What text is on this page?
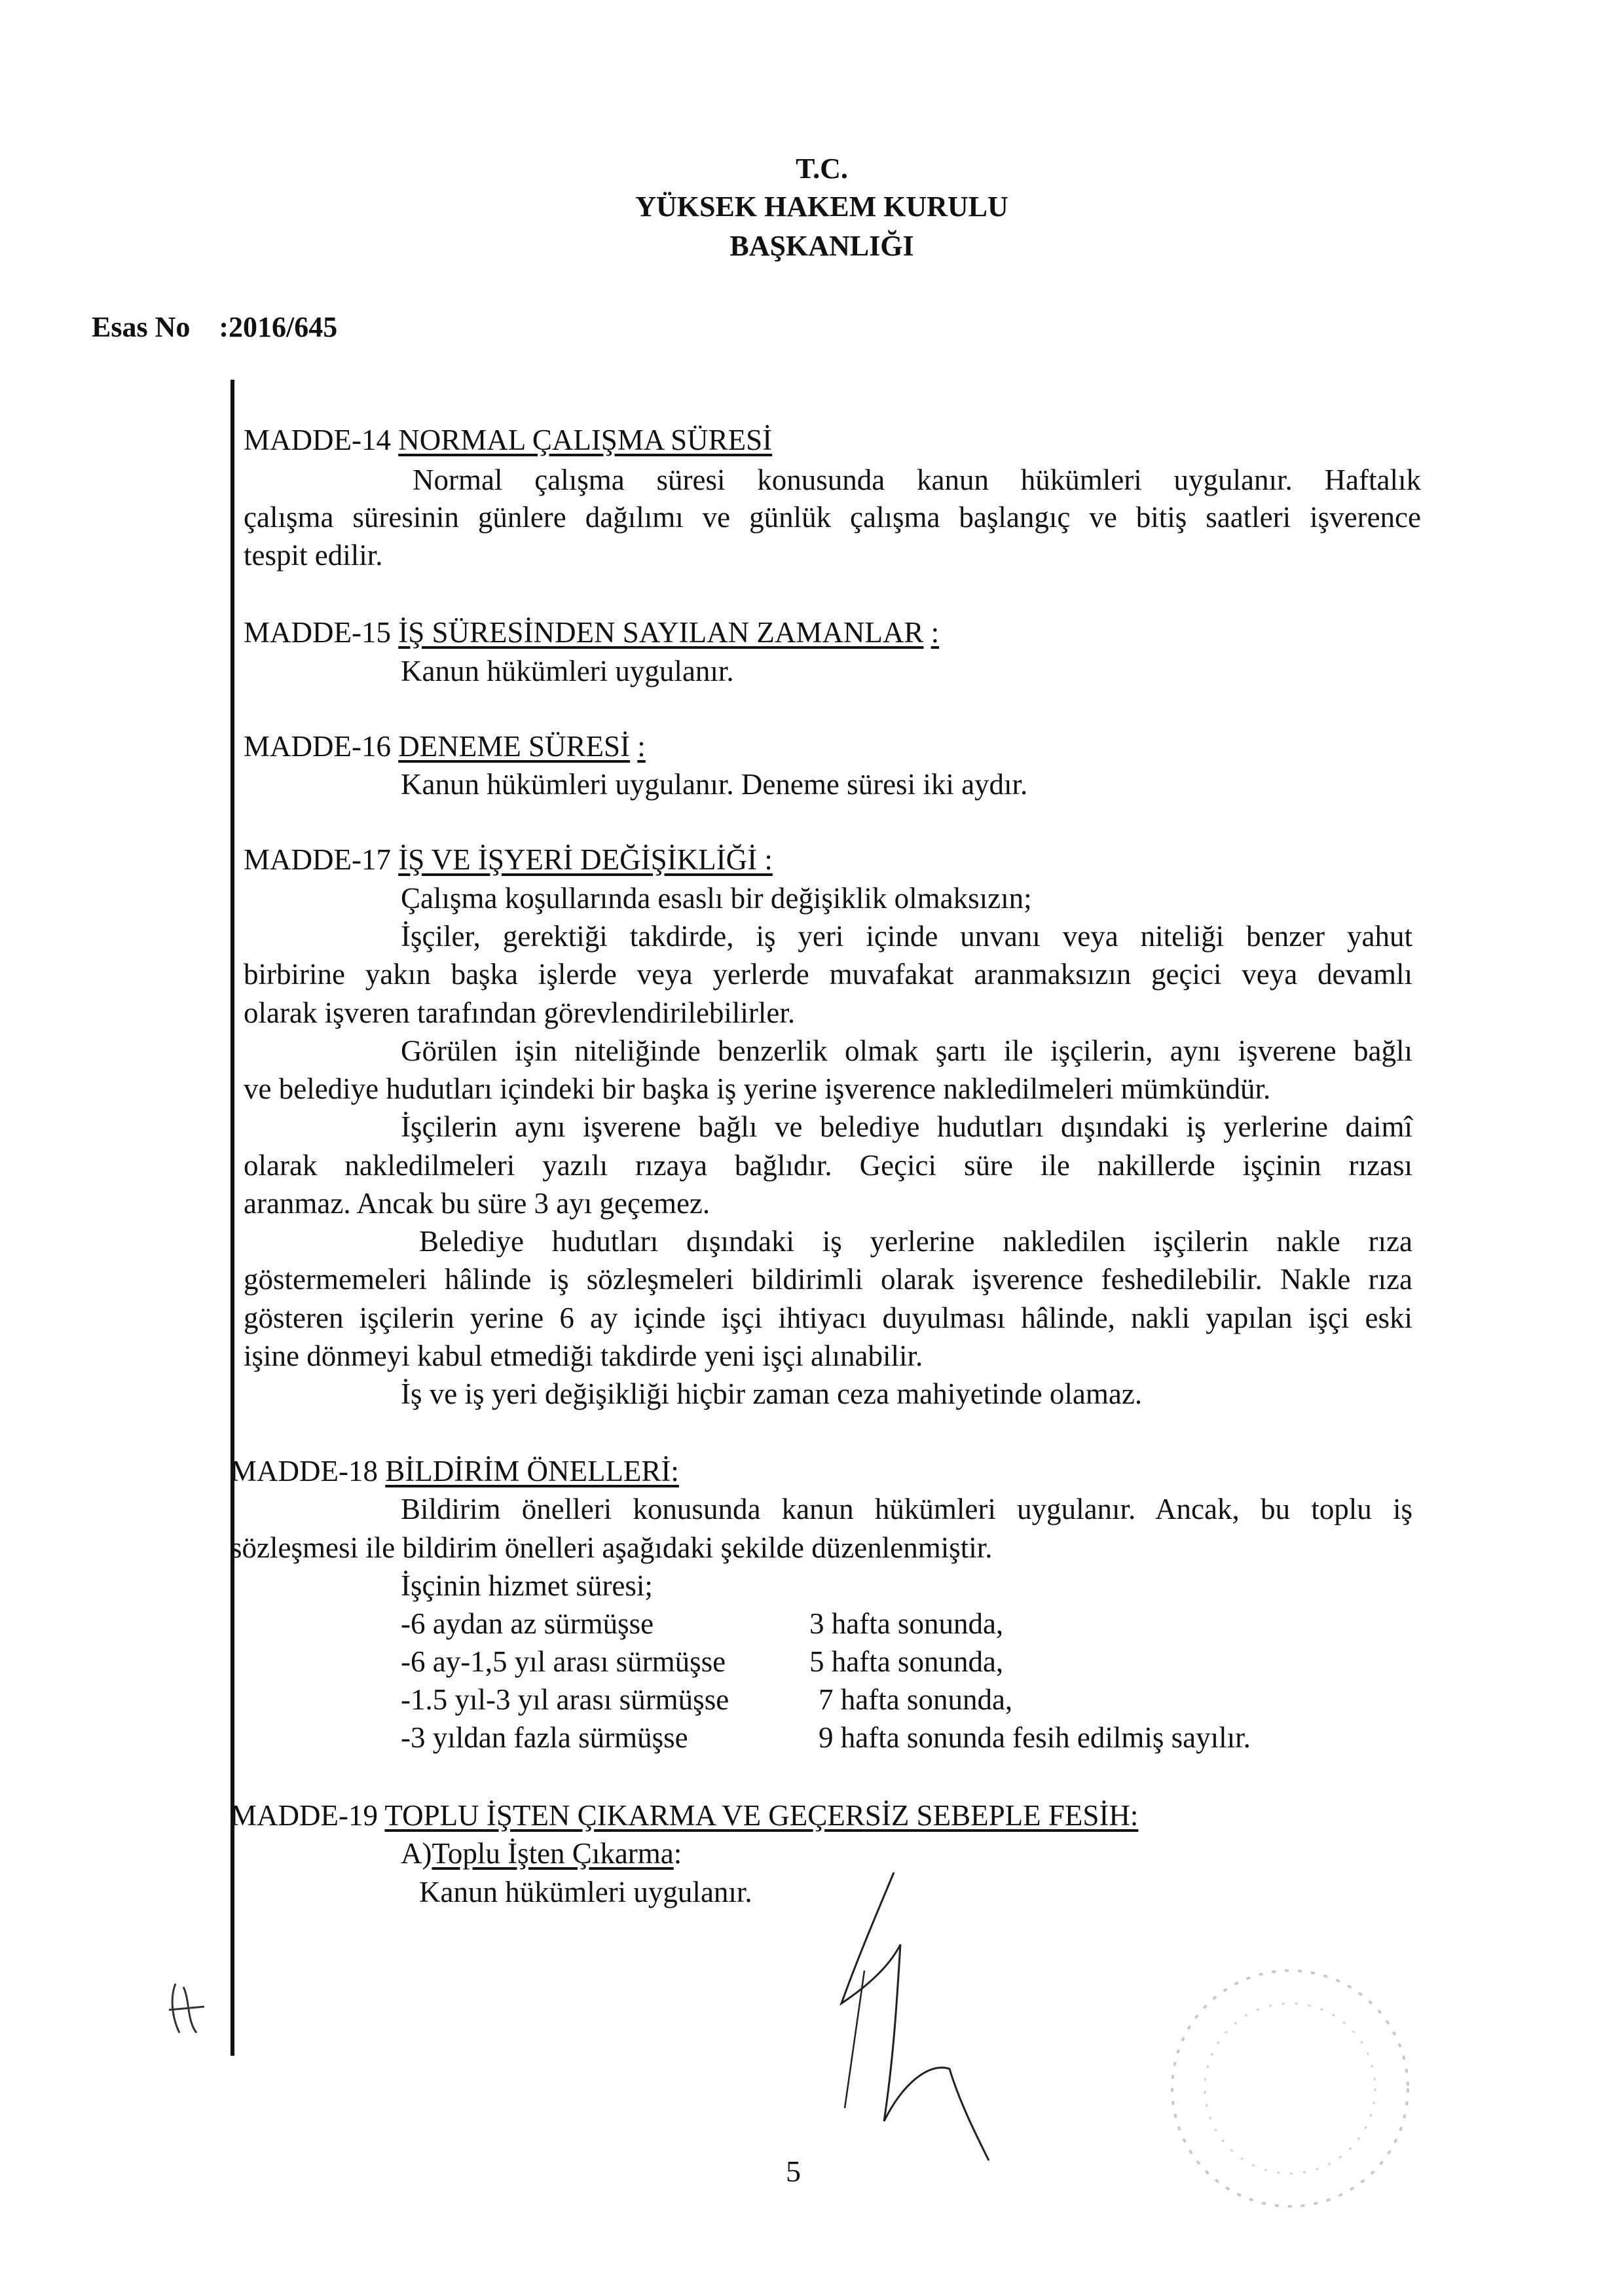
T.C.
YÜKSEK HAKEM KURULU
BAŞKANLIĞI
Esas No :2016/645
MADDE-14 NORMAL ÇALIŞMA SÜRESİ
Normal çalışma süresi konusunda kanun hükümleri uygulanır. Haftalık
çalışma süresinin günlere dağılımı ve günlük çalışma başlangıç ve bitiş saatleri işverence
tespit edilir.
MADDE-15 İŞ SÜRESİNDEN SAYILAN ZAMANLAR :
Kanun hükümleri uygulanır.
MADDE-16 DENEME SÜRESİ :
Kanun hükümleri uygulanır. Deneme süresi iki aydır.
MADDE-17 İŞ VE İŞYERİ DEĞİŞİKLİĞİ :
Çalışma koşullarında esaslı bir değişiklik olmaksızın;
İşçiler, gerektiği takdirde, iş yeri içinde unvanı veya niteliği benzer yahut
birbirine yakın başka işlerde veya yerlerde muvafakat aranmaksızın geçici veya devamlı
olarak işveren tarafından görevlendirilebilirler.
Görülen işin niteliğinde benzerlik olmak şartı ile işçilerin, aynı işverene bağlı
ve belediye hudutları içindeki bir başka iş yerine işverence nakledilmeleri mümkündür.
İşçilerin aynı işverene bağlı ve belediye hudutları dışındaki iş yerlerine daimî
olarak nakledilmeleri yazılı rızaya bağlıdır. Geçici süre ile nakillerde işçinin rızası
aranmaz. Ancak bu süre 3 ayı geçemez.
Belediye hudutları dışındaki iş yerlerine nakledilen işçilerin nakle rıza
göstermemeleri hâlinde iş sözleşmeleri bildirimli olarak işverence feshedilebilir. Nakle rıza
gösteren işçilerin yerine 6 ay içinde işçi ihtiyacı duyulması hâlinde, nakli yapılan işçi eski
işine dönmeyi kabul etmediği takdirde yeni işçi alınabilir.
İş ve iş yeri değişikliği hiçbir zaman ceza mahiyetinde olamaz.
MADDE-18 BİLDİRİM ÖNELLERİ:
Bildirim önelleri konusunda kanun hükümleri uygulanır. Ancak, bu toplu iş
sözleşmesi ile bildirim önelleri aşağıdaki şekilde düzenlenmiştir.
İşçinin hizmet süresi;
-6 aydan az sürmüşse	3 hafta sonunda,
-6 ay-1,5 yıl arası sürmüşse	5 hafta sonunda,
-1.5 yıl-3 yıl arası sürmüşse	7 hafta sonunda,
-3 yıldan fazla sürmüşse	9 hafta sonunda fesih edilmiş sayılır.
MADDE-19 TOPLU İŞTEN ÇIKARMA VE GEÇERSİZ SEBEPLE FESİH:
A)Toplu İşten Çıkarma:
Kanun hükümleri uygulanır.
5
